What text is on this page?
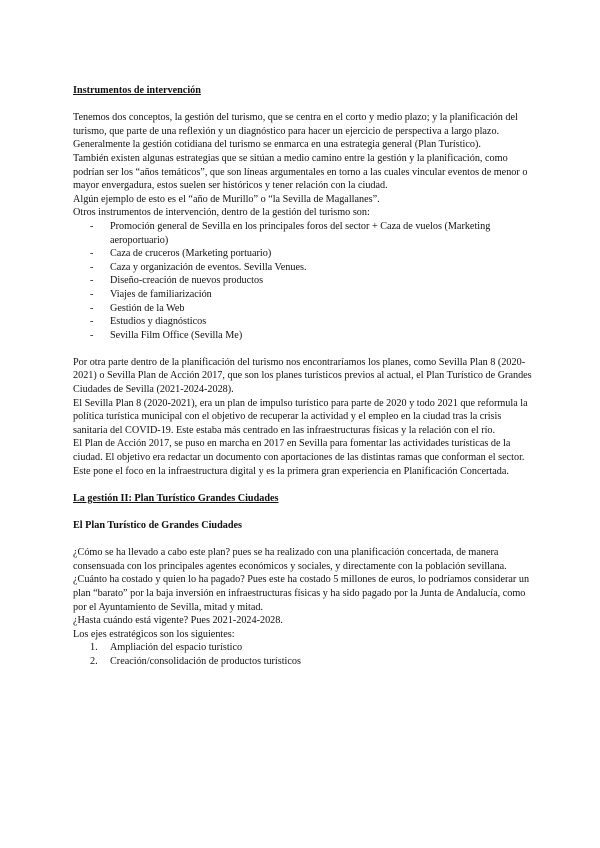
Instrumentos de intervención

Tenemos dos conceptos, la gestión del turismo, que se centra en el corto y medio plazo; y la planificación del turismo, que parte de una reflexión y un diagnóstico para hacer un ejercicio de perspectiva a largo plazo. Generalmente la gestión cotidiana del turismo se enmarca en una estrategia general (Plan Turístico).

También existen algunas estrategias que se sitúan a medio camino entre la gestión y la planificación, como podrían ser los “años temáticos”, que son líneas argumentales en torno a las cuales vincular eventos de menor o mayor envergadura, estos suelen ser históricos y tener relación con la ciudad.

Algún ejemplo de esto es el “año de Murillo” o “la Sevilla de Magallanes”.

Otros instrumentos de intervención, dentro de la gestión del turismo son:

- Promoción general de Sevilla en los principales foros del sector + Caza de vuelos (Marketing aeroportuario)
- Caza de cruceros (Marketing portuario)
- Caza y organización de eventos. Sevilla Venues.
- Diseño-creación de nuevos productos
- Viajes de familiarización
- Gestión de la Web
- Estudios y diagnósticos
- Sevilla Film Office (Sevilla Me)

Por otra parte dentro de la planificación del turismo nos encontraríamos los planes, como Sevilla Plan 8 (2020-2021) o Sevilla Plan de Acción 2017, que son los planes turísticos previos al actual, el Plan Turístico de Grandes Ciudades de Sevilla (2021-2024-2028).

El Sevilla Plan 8 (2020-2021), era un plan de impulso turístico para parte de 2020 y todo 2021 que reformula la política turística municipal con el objetivo de recuperar la actividad y el empleo en la ciudad tras la crisis sanitaria del COVID-19. Este estaba más centrado en las infraestructuras físicas y la relación con el río.

El Plan de Acción 2017, se puso en marcha en 2017 en Sevilla para fomentar las actividades turísticas de la ciudad. El objetivo era redactar un documento con aportaciones de las distintas ramas que conforman el sector. Este pone el foco en la infraestructura digital y es la primera gran experiencia en Planificación Concertada.

La gestión II: Plan Turístico Grandes Ciudades

El Plan Turístico de Grandes Ciudades

¿Cómo se ha llevado a cabo este plan? pues se ha realizado con una planificación concertada, de manera consensuada con los principales agentes económicos y sociales, y directamente con la población sevillana.

¿Cuánto ha costado y quien lo ha pagado? Pues este ha costado 5 millones de euros, lo podríamos considerar un plan “barato” por la baja inversión en infraestructuras físicas y ha sido pagado por la Junta de Andalucía, como por el Ayuntamiento de Sevilla, mitad y mitad.

¿Hasta cuándo está vigente? Pues 2021-2024-2028.

Los ejes estratégicos son los siguientes:

1. Ampliación del espacio turístico
2. Creación/consolidación de productos turísticos
